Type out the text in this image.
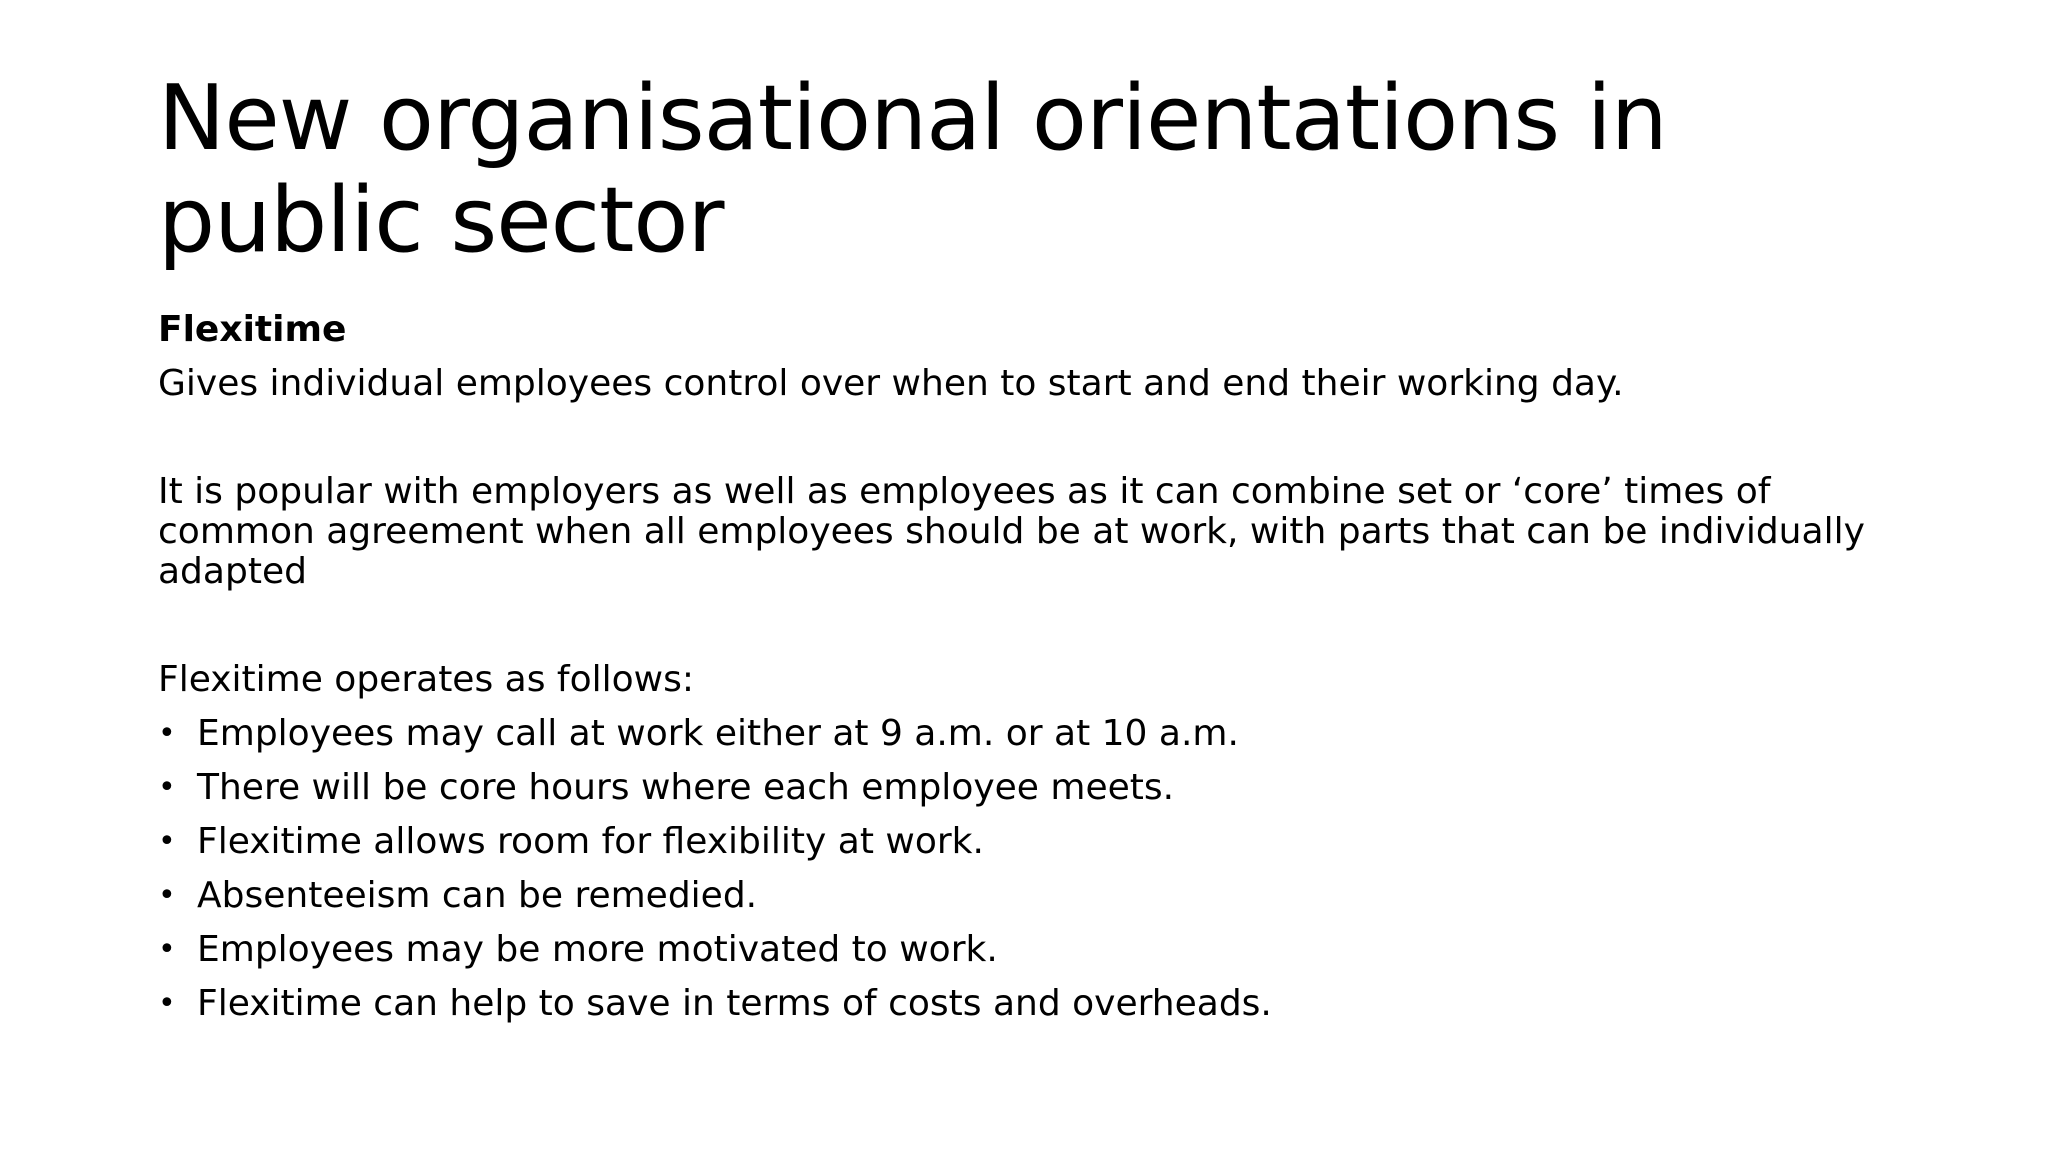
New organisational orientations in public sector

Flexitime

Gives individual employees control over when to start and end their working day.

It is popular with employers as well as employees as it can combine set or ‘core’ times of common agreement when all employees should be at work, with parts that can be individually adapted

Flexitime operates as follows:

• Employees may call at work either at 9 a.m. or at 10 a.m.
• There will be core hours where each employee meets.
• Flexitime allows room for flexibility at work.
• Absenteeism can be remedied.
• Employees may be more motivated to work.
• Flexitime can help to save in terms of costs and overheads.
